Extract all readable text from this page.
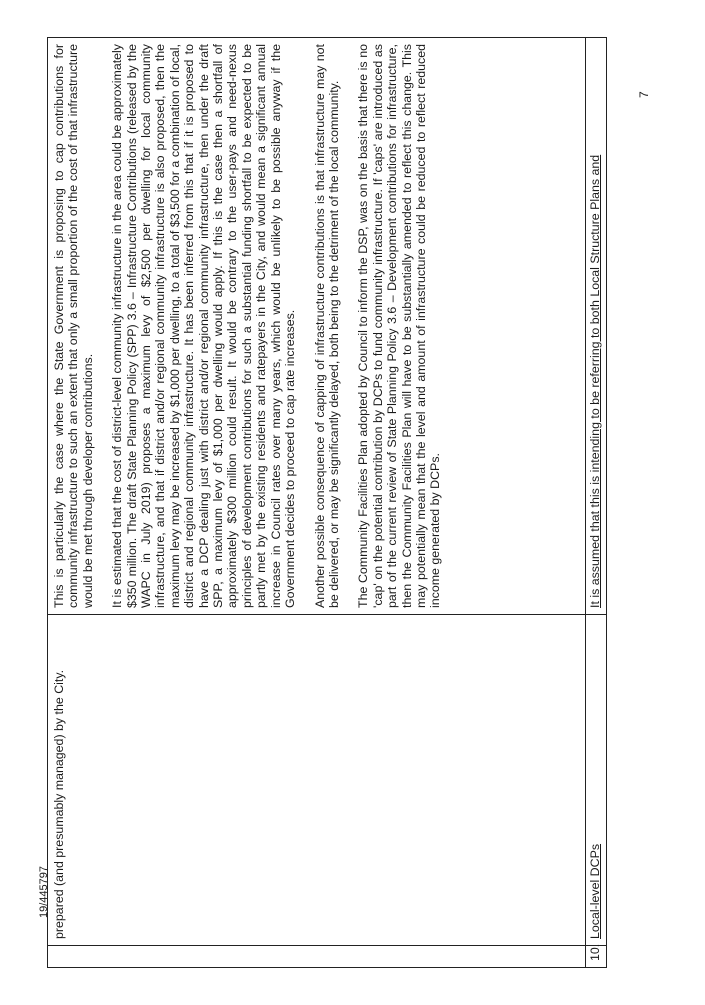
	prepared (and presumably managed) by the City.	This is particularly the case where the State Government is proposing to cap contributions for community infrastructure to such an extent that only a small proportion of the cost of that infrastructure would be met through developer contributions. It is estimated that the cost of district-level community infrastructure in the area could be approximately $350 million. The draft State Planning Policy (SPP) 3.6 – Infrastructure Contributions (released by the WAPC in July 2019) proposes a maximum levy of $2,500 per dwelling for local community infrastructure, and that if district and/or regional community infrastructure is also proposed, then the maximum levy may be increased by $1,000 per dwelling, to a total of $3,500 for a combination of local, district and regional community infrastructure. It has been inferred from this that if it is proposed to have a DCP dealing just with district and/or regional community infrastructure, then under the draft SPP, a maximum levy of $1,000 per dwelling would apply. If this is the case then a shortfall of approximately $300 million could result. It would be contrary to the user-pays and need-nexus principles of development contributions for such a substantial funding shortfall to be expected to be partly met by the existing residents and ratepayers in the City, and would mean a significant annual increase in Council rates over many years, which would be unlikely to be possible anyway if the Government decides to proceed to cap rate increases. Another possible consequence of capping of infrastructure contributions is that infrastructure may not be delivered, or may be significantly delayed, both being to the detriment of the local community. The Community Facilities Plan adopted by Council to inform the DSP, was on the basis that there is no 'cap' on the potential contribution by DCPs to fund community infrastructure. If 'caps' are introduced as part of the current review of State Planning Policy 3.6 – Development contributions for infrastructure, then the Community Facilities Plan will have to be substantially amended to reflect this change. This may potentially mean that the level and amount of infrastructure could be reduced to reflect reduced income generated by DCPs.

10.	Local-level DCPs	It is assumed that this is intending to be referring to both Local Structure Plans and
19/445797
7
